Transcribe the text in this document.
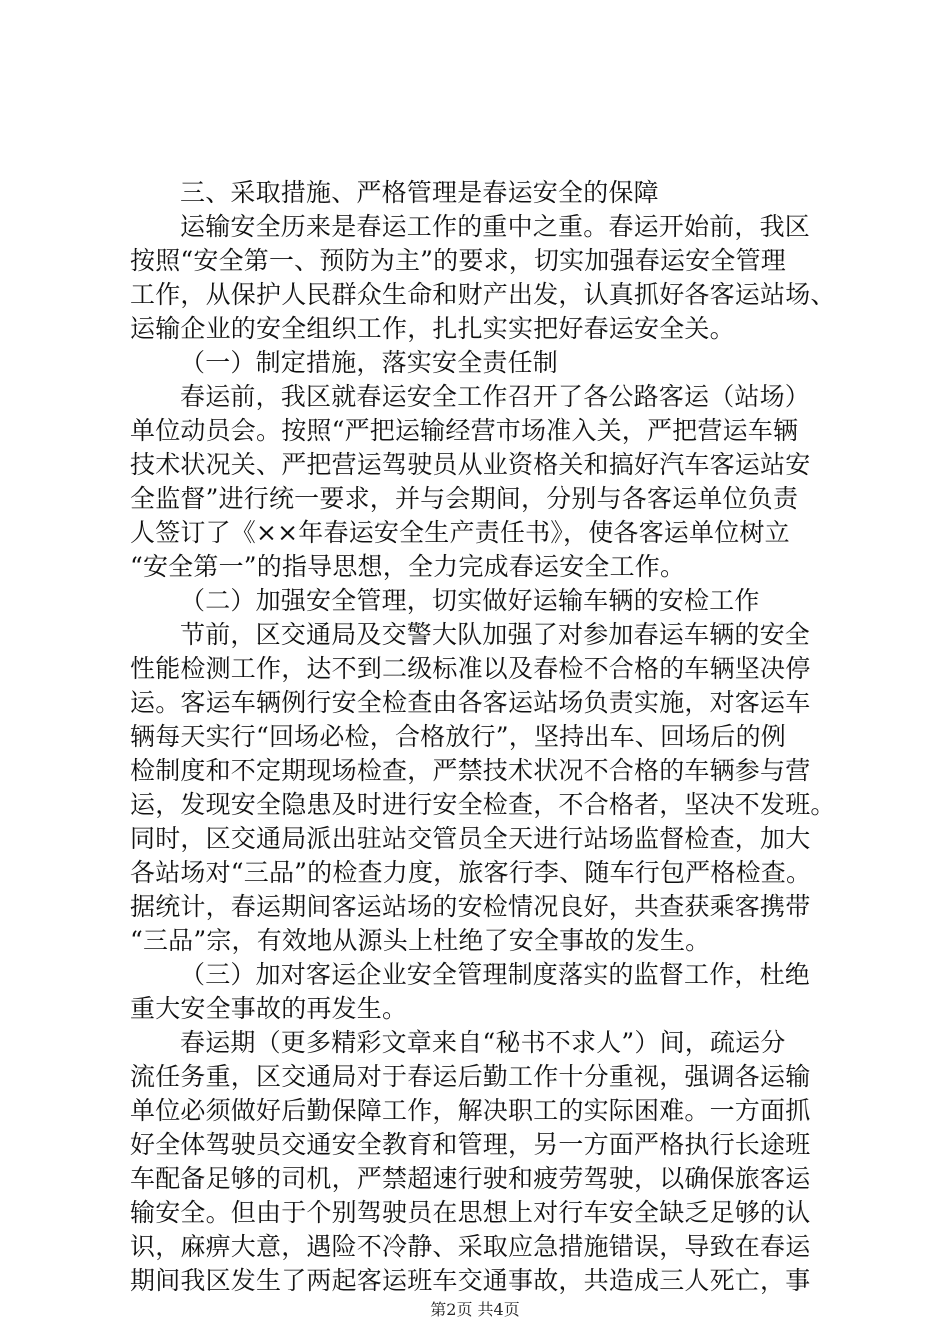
三、采取措施、严格管理是春运安全的保障
运输安全历来是春运工作的重中之重。春运开始前，我区
按照“安全第一、预防为主”的要求，切实加强春运安全管理
工作，从保护人民群众生命和财产出发，认真抓好各客运站场、
运输企业的安全组织工作，扎扎实实把好春运安全关。
（一）制定措施，落实安全责任制
春运前，我区就春运安全工作召开了各公路客运（站场）
单位动员会。按照“严把运输经营市场准入关，严把营运车辆
技术状况关、严把营运驾驶员从业资格关和搞好汽车客运站安
全监督”进行统一要求，并与会期间，分别与各客运单位负责
人签订了《××年春运安全生产责任书》，使各客运单位树立
“安全第一”的指导思想，全力完成春运安全工作。
（二）加强安全管理，切实做好运输车辆的安检工作
节前，区交通局及交警大队加强了对参加春运车辆的安全
性能检测工作，达不到二级标准以及春检不合格的车辆坚决停
运。客运车辆例行安全检查由各客运站场负责实施，对客运车
辆每天实行“回场必检，合格放行”，坚持出车、回场后的例
检制度和不定期现场检查，严禁技术状况不合格的车辆参与营
运，发现安全隐患及时进行安全检查，不合格者，坚决不发班。
同时，区交通局派出驻站交管员全天进行站场监督检查，加大
各站场对“三品”的检查力度，旅客行李、随车行包严格检查。
据统计，春运期间客运站场的安检情况良好，共查获乘客携带
“三品”宗，有效地从源头上杜绝了安全事故的发生。
（三）加对客运企业安全管理制度落实的监督工作，杜绝
重大安全事故的再发生。
春运期（更多精彩文章来自“秘书不求人”）间，疏运分
流任务重，区交通局对于春运后勤工作十分重视，强调各运输
单位必须做好后勤保障工作，解决职工的实际困难。一方面抓
好全体驾驶员交通安全教育和管理，另一方面严格执行长途班
车配备足够的司机，严禁超速行驶和疲劳驾驶，以确保旅客运
输安全。但由于个别驾驶员在思想上对行车安全缺乏足够的认
识，麻痹大意，遇险不冷静、采取应急措施错误，导致在春运
期间我区发生了两起客运班车交通事故，共造成三人死亡，事
第2页 共4页
